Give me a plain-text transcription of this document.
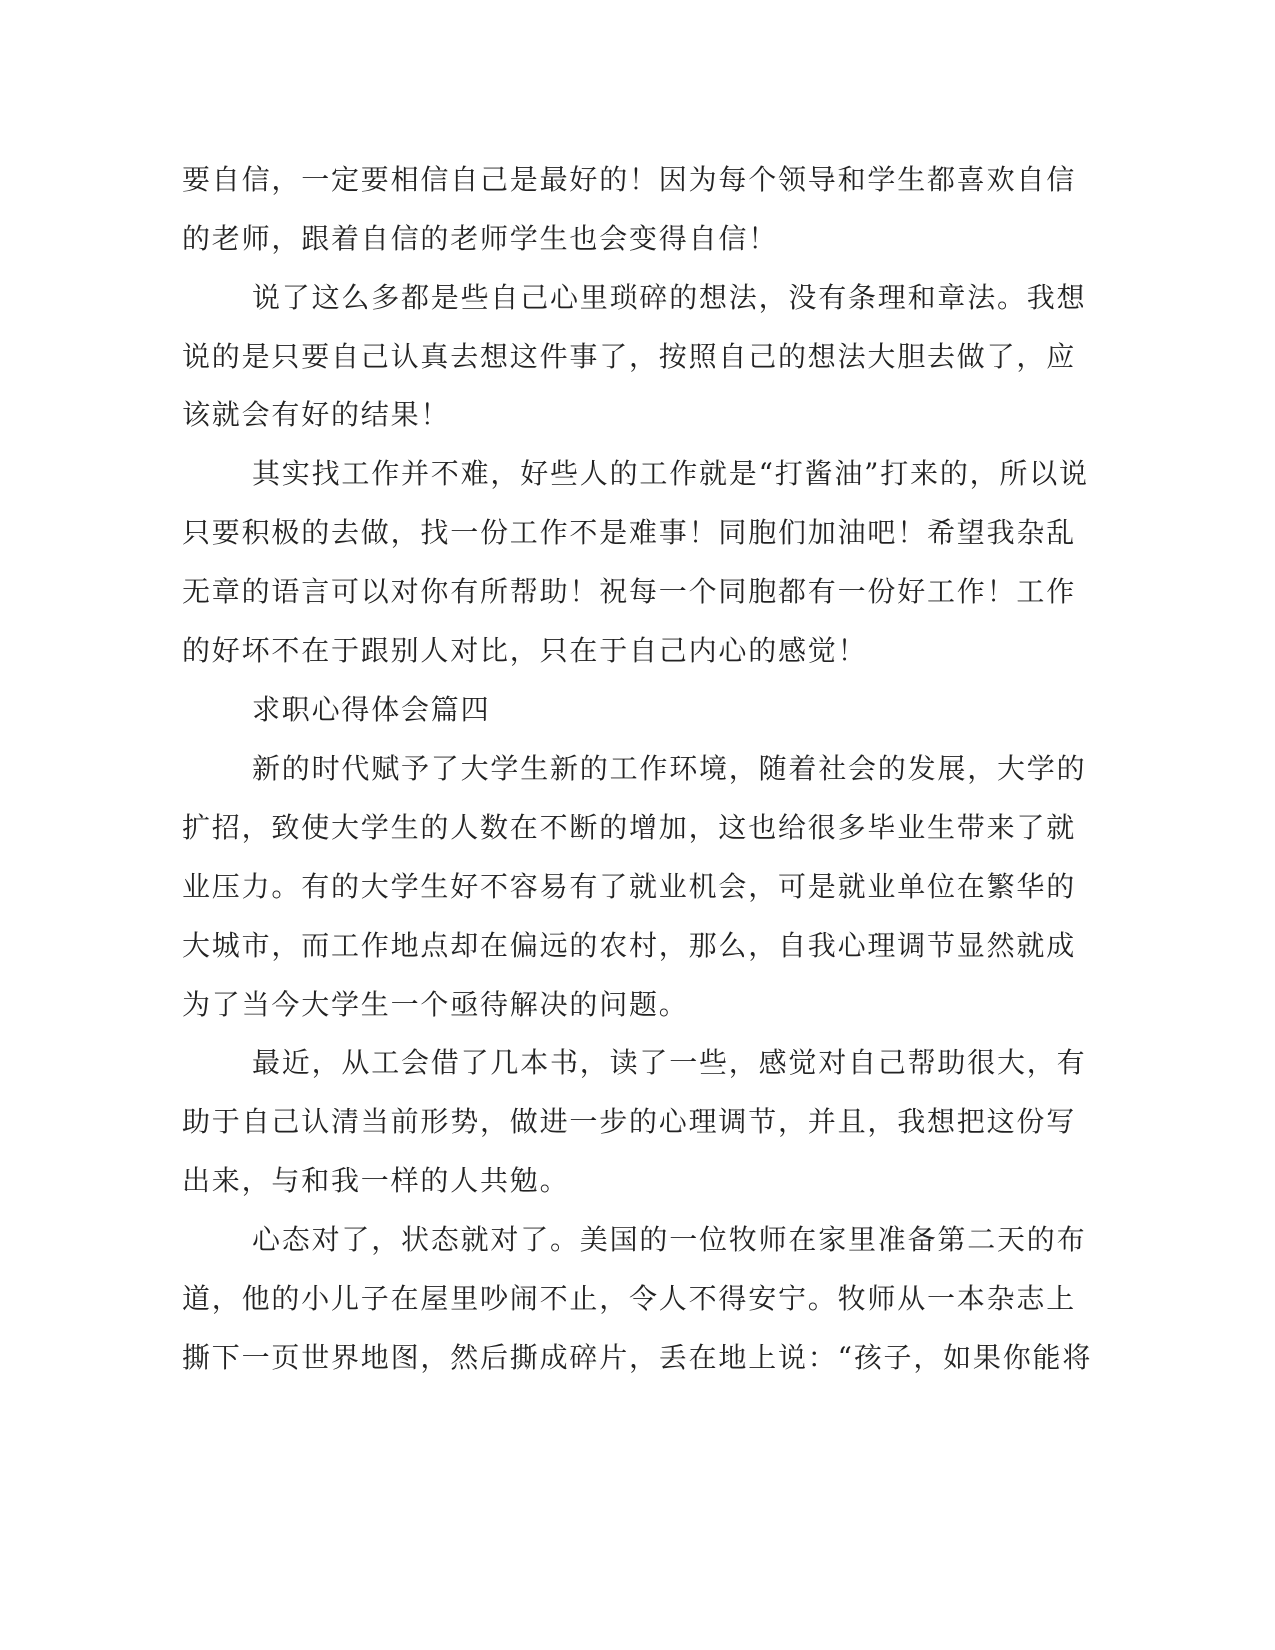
要自信，一定要相信自己是最好的！因为每个领导和学生都喜欢自信
的老师，跟着自信的老师学生也会变得自信！
说了这么多都是些自己心里琐碎的想法，没有条理和章法。我想
说的是只要自己认真去想这件事了，按照自己的想法大胆去做了，应
该就会有好的结果！
其实找工作并不难，好些人的工作就是“打酱油”打来的，所以说
只要积极的去做，找一份工作不是难事！同胞们加油吧！希望我杂乱
无章的语言可以对你有所帮助！祝每一个同胞都有一份好工作！工作
的好坏不在于跟别人对比，只在于自己内心的感觉！
求职心得体会篇四
新的时代赋予了大学生新的工作环境，随着社会的发展，大学的
扩招，致使大学生的人数在不断的增加，这也给很多毕业生带来了就
业压力。有的大学生好不容易有了就业机会，可是就业单位在繁华的
大城市，而工作地点却在偏远的农村，那么，自我心理调节显然就成
为了当今大学生一个亟待解决的问题。
最近，从工会借了几本书，读了一些，感觉对自己帮助很大，有
助于自己认清当前形势，做进一步的心理调节，并且，我想把这份写
出来，与和我一样的人共勉。
心态对了，状态就对了。美国的一位牧师在家里准备第二天的布
道，他的小儿子在屋里吵闹不止，令人不得安宁。牧师从一本杂志上
撕下一页世界地图，然后撕成碎片，丢在地上说：“孩子，如果你能将
